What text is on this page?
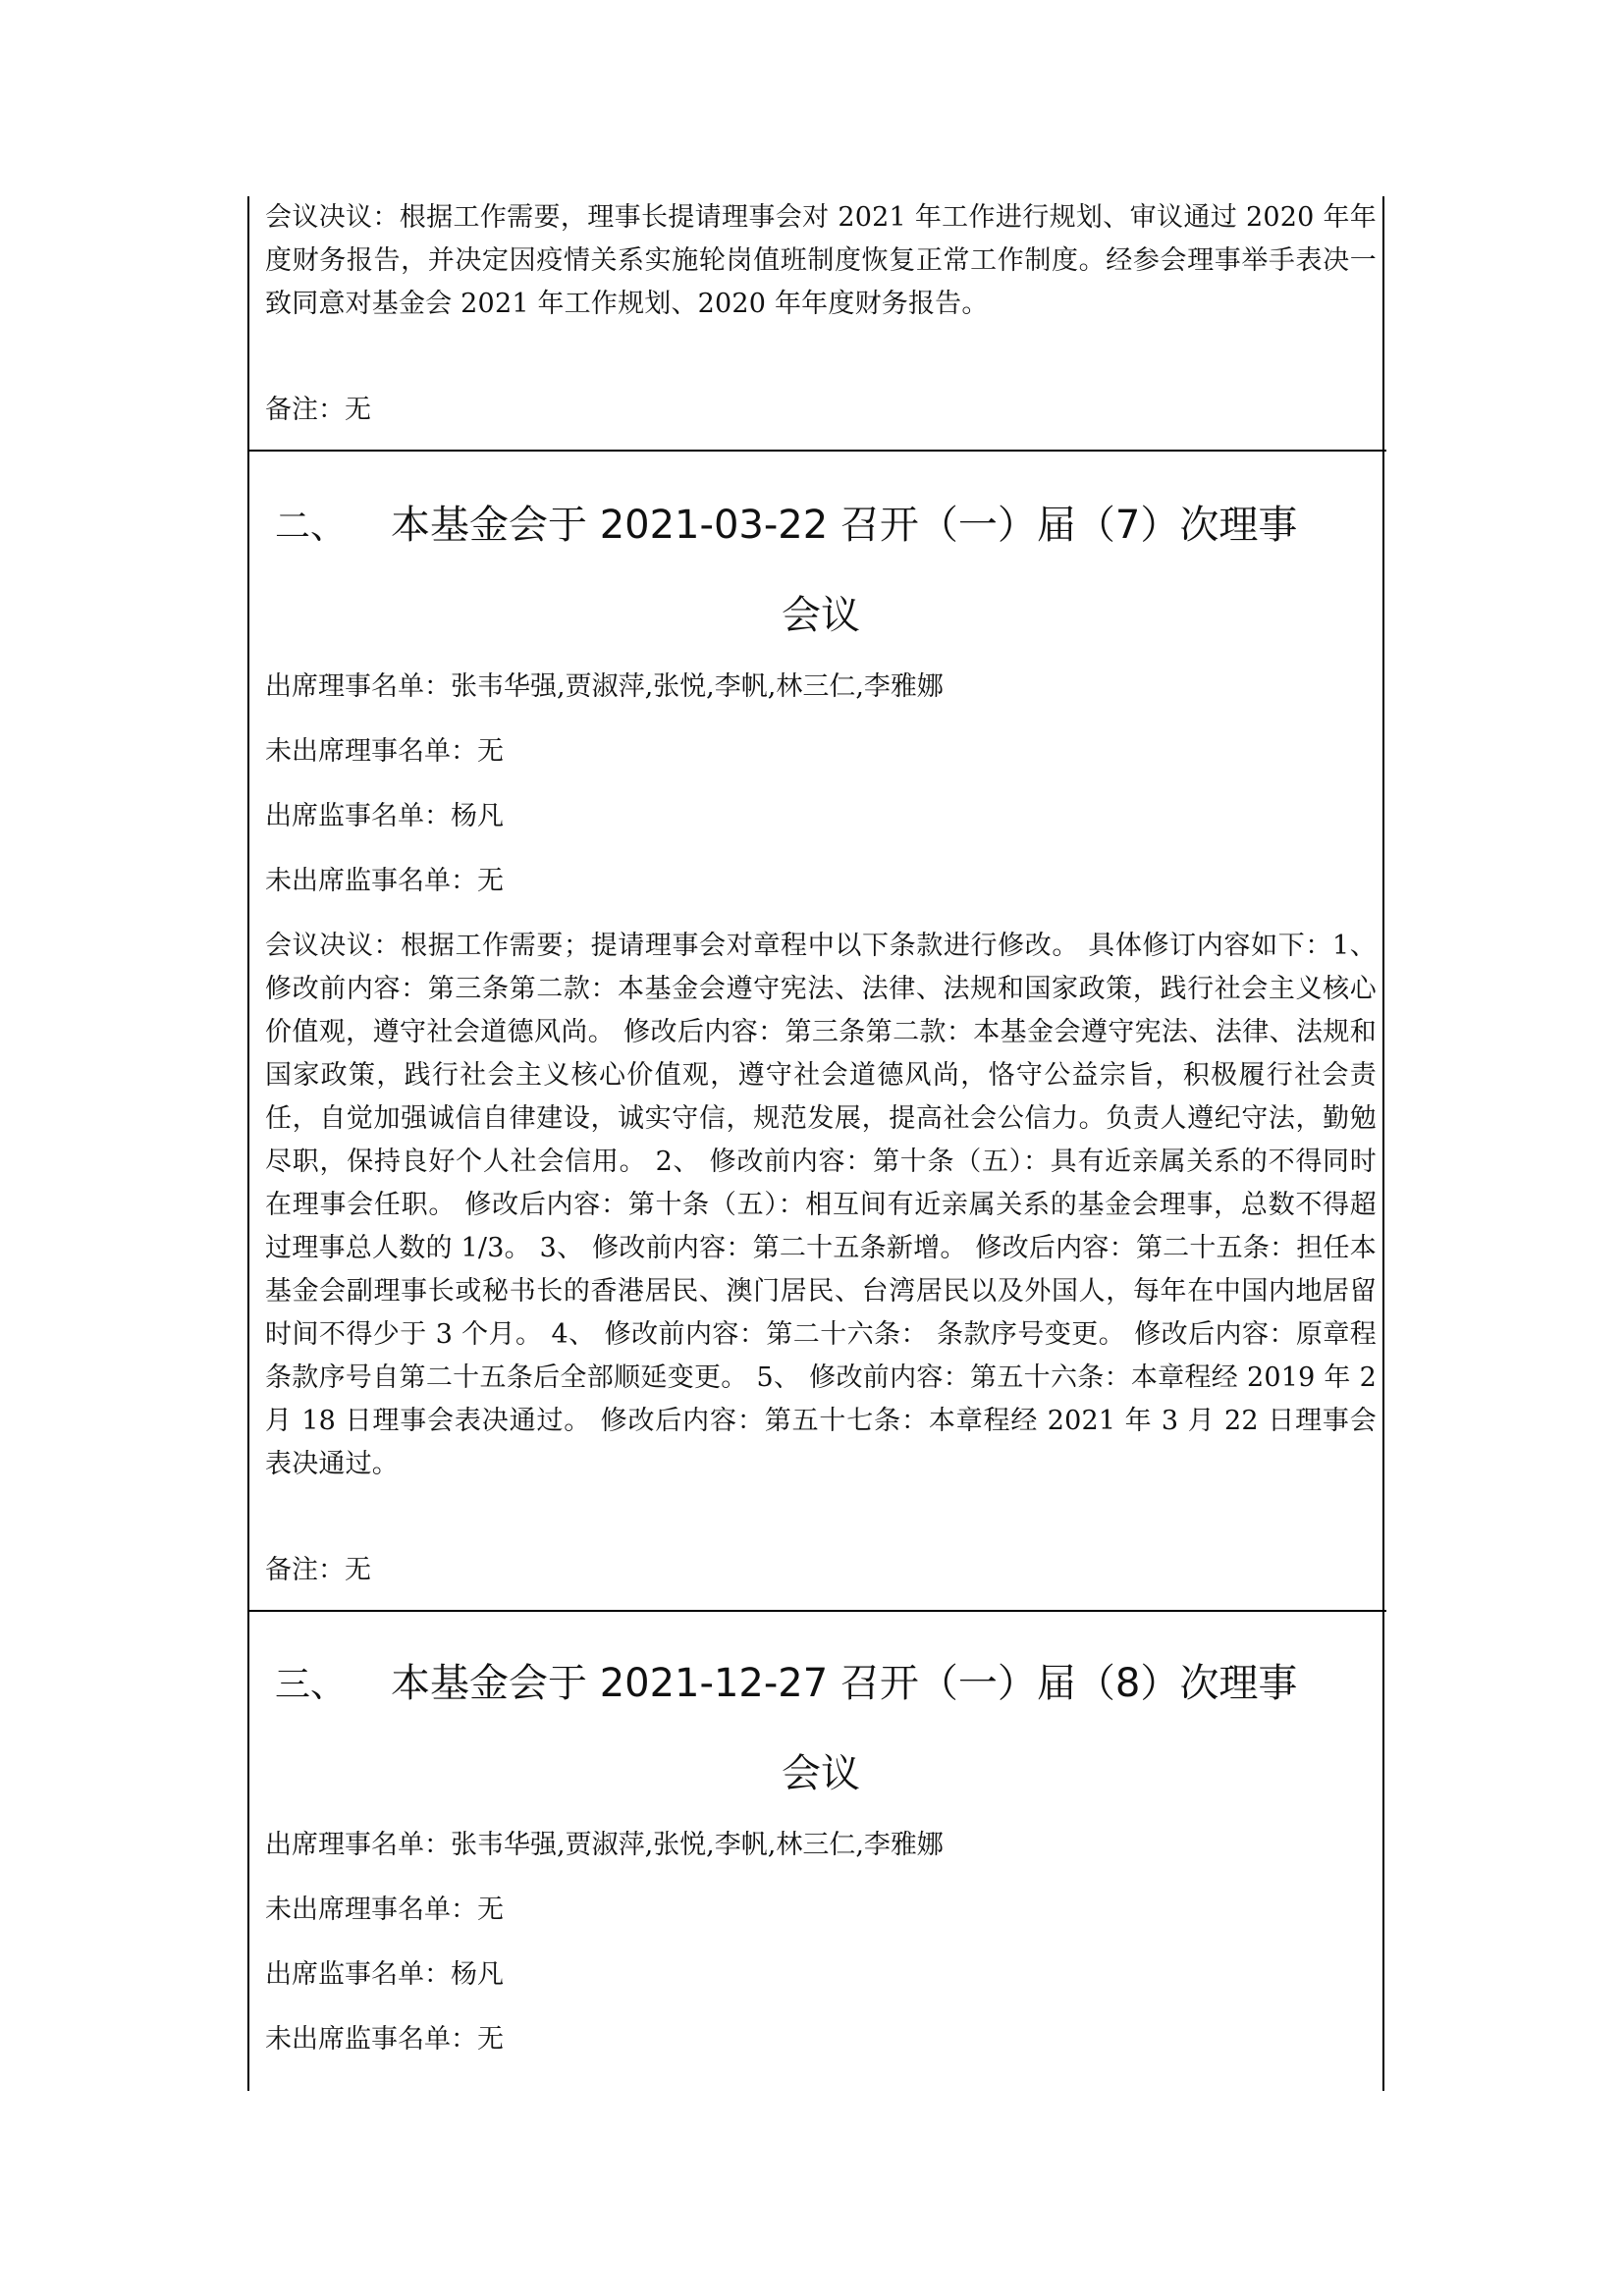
会议决议：根据工作需要，理事长提请理事会对 2021 年工作进行规划、审议通过 2020 年年度财务报告，并决定因疫情关系实施轮岗值班制度恢复正常工作制度。经参会理事举手表决一致同意对基金会 2021 年工作规划、2020 年年度财务报告。

备注：无

二、	本基金会于 2021-03-22 召开（一）届（7）次理事
会议

出席理事名单：张韦华强,贾淑萍,张悦,李帆,林三仁,李雅娜

未出席理事名单：无

出席监事名单：杨凡

未出席监事名单：无

会议决议：根据工作需要；提请理事会对章程中以下条款进行修改。 具体修订内容如下：1、 修改前内容：第三条第二款：本基金会遵守宪法、法律、法规和国家政策，践行社会主义核心价值观，遵守社会道德风尚。 修改后内容：第三条第二款：本基金会遵守宪法、法律、法规和国家政策，践行社会主义核心价值观，遵守社会道德风尚，恪守公益宗旨，积极履行社会责任，自觉加强诚信自律建设，诚实守信，规范发展，提高社会公信力。负责人遵纪守法，勤勉尽职，保持良好个人社会信用。 2、 修改前内容：第十条（五）：具有近亲属关系的不得同时在理事会任职。 修改后内容：第十条（五）：相互间有近亲属关系的基金会理事，总数不得超过理事总人数的 1/3。 3、 修改前内容：第二十五条新增。 修改后内容：第二十五条：担任本基金会副理事长或秘书长的香港居民、澳门居民、台湾居民以及外国人，每年在中国内地居留时间不得少于 3 个月。 4、 修改前内容：第二十六条： 条款序号变更。 修改后内容：原章程条款序号自第二十五条后全部顺延变更。 5、 修改前内容：第五十六条：本章程经 2019 年 2 月 18 日理事会表决通过。 修改后内容：第五十七条：本章程经 2021 年 3 月 22 日理事会表决通过。

备注：无

三、	本基金会于 2021-12-27 召开（一）届（8）次理事
会议

出席理事名单：张韦华强,贾淑萍,张悦,李帆,林三仁,李雅娜

未出席理事名单：无

出席监事名单：杨凡

未出席监事名单：无
